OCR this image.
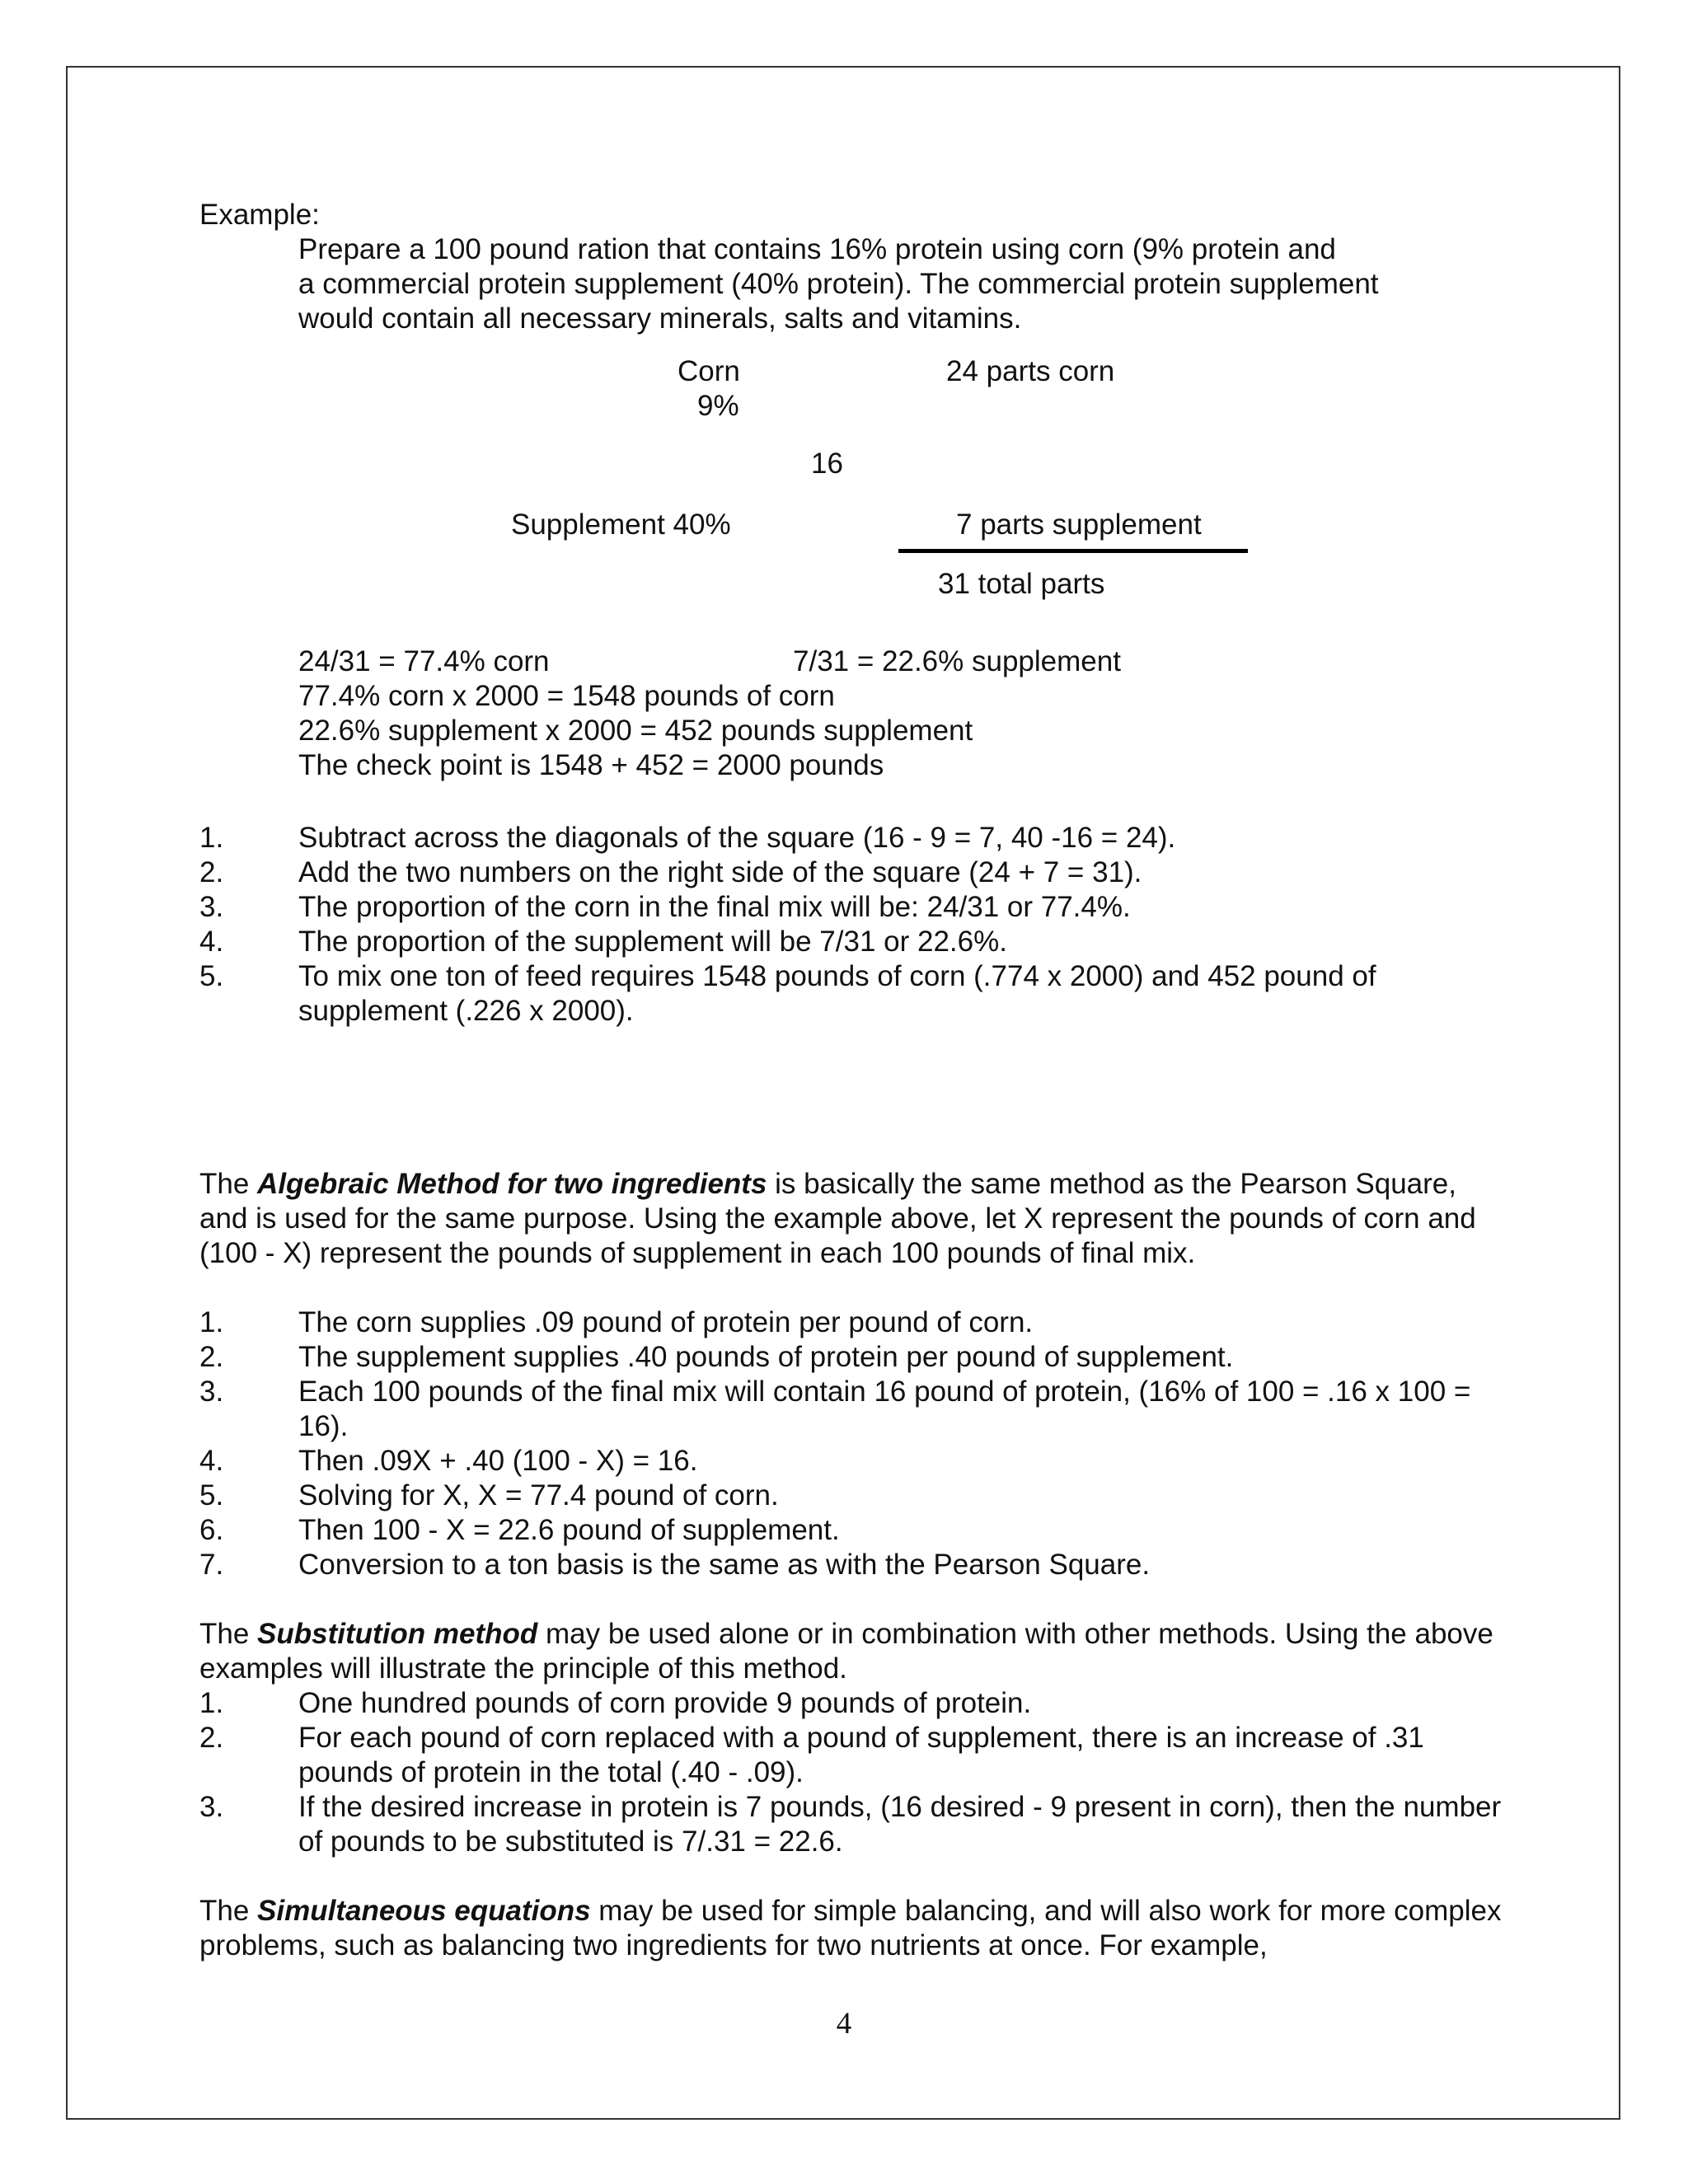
Example:
Prepare a 100 pound ration that contains 16% protein using corn (9% protein and
a commercial protein supplement (40% protein). The commercial protein supplement
would contain all necessary minerals, salts and vitamins.
Corn
9%
24 parts corn
16
Supplement 40%	7 parts supplement
31 total parts
24/31 = 77.4% corn	7/31 = 22.6% supplement
77.4% corn x 2000 = 1548 pounds of corn
22.6% supplement x 2000 = 452 pounds supplement
The check point is 1548 + 452 = 2000 pounds
1.	Subtract across the diagonals of the square (16 - 9 = 7, 40 -16 = 24).
2.	Add the two numbers on the right side of the square (24 + 7 = 31).
3.	The proportion of the corn in the final mix will be: 24/31 or 77.4%.
4.	The proportion of the supplement will be 7/31 or 22.6%.
5.	To mix one ton of feed requires 1548 pounds of corn (.774 x 2000) and 452 pound of supplement (.226 x 2000).

The Algebraic Method for two ingredients is basically the same method as the Pearson Square, and is used for the same purpose. Using the example above, let X represent the pounds of corn and (100 - X) represent the pounds of supplement in each 100 pounds of final mix.

1.	The corn supplies .09 pound of protein per pound of corn.
2.	The supplement supplies .40 pounds of protein per pound of supplement.
3.	Each 100 pounds of the final mix will contain 16 pound of protein, (16% of 100 = .16 x 100 = 16).
4.	Then .09X + .40 (100 - X) = 16.
5.	Solving for X, X = 77.4 pound of corn.
6.	Then 100 - X = 22.6 pound of supplement.
7.	Conversion to a ton basis is the same as with the Pearson Square.

The Substitution method may be used alone or in combination with other methods. Using the above examples will illustrate the principle of this method.

1.	One hundred pounds of corn provide 9 pounds of protein.
2.	For each pound of corn replaced with a pound of supplement, there is an increase of .31 pounds of protein in the total (.40 - .09).
3.	If the desired increase in protein is 7 pounds, (16 desired - 9 present in corn), then the number of pounds to be substituted is 7/.31 = 22.6.

The Simultaneous equations may be used for simple balancing, and will also work for more complex problems, such as balancing two ingredients for two nutrients at once. For example,

4
